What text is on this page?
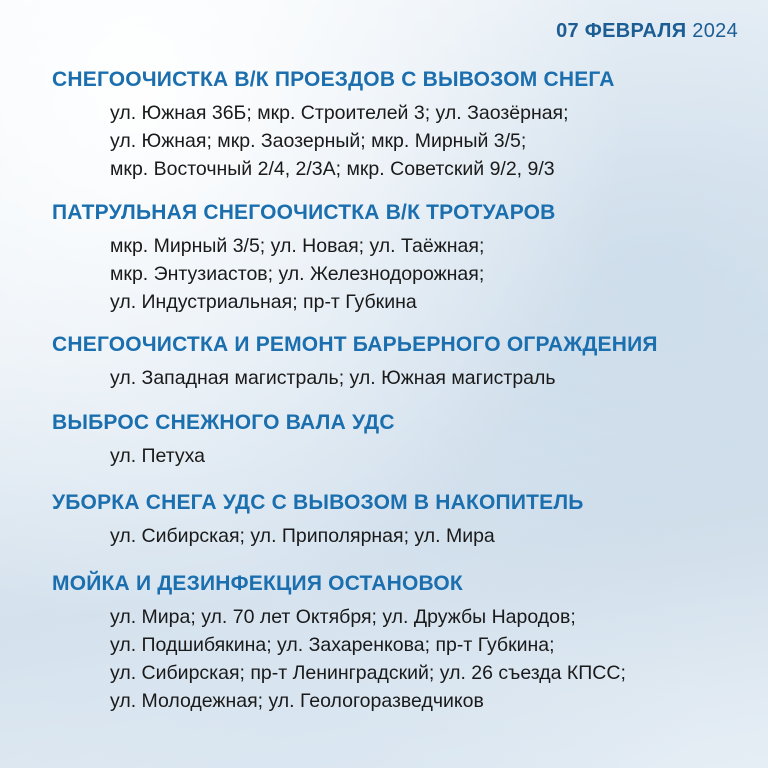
07 ФЕВРАЛЯ 2024
СНЕГООЧИСТКА В/К ПРОЕЗДОВ С ВЫВОЗОМ СНЕГА
ул. Южная 36Б; мкр. Строителей 3; ул. Заозёрная;
ул. Южная; мкр. Заозерный; мкр. Мирный 3/5;
мкр. Восточный 2/4, 2/3А; мкр. Советский 9/2, 9/3
ПАТРУЛЬНАЯ СНЕГООЧИСТКА В/К ТРОТУАРОВ
мкр. Мирный 3/5; ул. Новая; ул. Таёжная;
мкр. Энтузиастов; ул. Железнодорожная;
ул. Индустриальная; пр-т Губкина
СНЕГООЧИСТКА И РЕМОНТ БАРЬЕРНОГО ОГРАЖДЕНИЯ
ул. Западная магистраль; ул. Южная магистраль
ВЫБРОС СНЕЖНОГО ВАЛА УДС
ул. Петуха
УБОРКА СНЕГА УДС С ВЫВОЗОМ В НАКОПИТЕЛЬ
ул. Сибирская; ул. Приполярная; ул. Мира
МОЙКА И ДЕЗИНФЕКЦИЯ ОСТАНОВОК
ул. Мира; ул. 70 лет Октября; ул. Дружбы Народов;
ул. Подшибякина; ул. Захаренкова; пр-т Губкина;
ул. Сибирская; пр-т Ленинградский; ул. 26 съезда КПСС;
ул. Молодежная; ул. Геологоразведчиков
